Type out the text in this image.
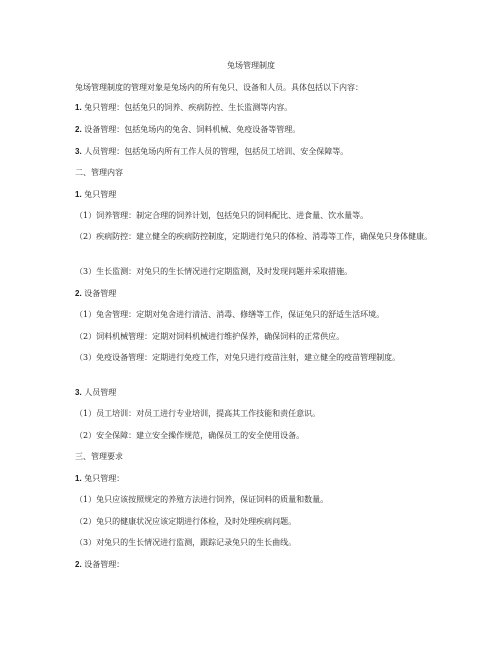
兔场管理制度
兔场管理制度的管理对象是兔场内的所有兔只、设备和人员。具体包括以下内容：
1. 兔只管理：包括兔只的饲养、疾病防控、生长监测等内容。
2. 设备管理：包括兔场内的兔舍、饲料机械、免疫设备等管理。
3. 人员管理：包括兔场内所有工作人员的管理，包括员工培训、安全保障等。
二、管理内容
1. 兔只管理
（1）饲养管理：制定合理的饲养计划，包括兔只的饲料配比、进食量、饮水量等。
（2）疾病防控：建立健全的疾病防控制度，定期进行兔只的体检、消毒等工作，确保兔只身体健康。
（3）生长监测：对兔只的生长情况进行定期监测，及时发现问题并采取措施。
2. 设备管理
（1）兔舍管理：定期对兔舍进行清洁、消毒、修缮等工作，保证兔只的舒适生活环境。
（2）饲料机械管理：定期对饲料机械进行维护保养，确保饲料的正常供应。
（3）免疫设备管理：定期进行免疫工作，对兔只进行疫苗注射，建立健全的疫苗管理制度。
3. 人员管理
（1）员工培训：对员工进行专业培训，提高其工作技能和责任意识。
（2）安全保障：建立安全操作规范，确保员工的安全使用设备。
三、管理要求
1. 兔只管理：
（1）兔只应该按照规定的养殖方法进行饲养，保证饲料的质量和数量。
（2）兔只的健康状况应该定期进行体检，及时处理疾病问题。
（3）对兔只的生长情况进行监测，跟踪记录兔只的生长曲线。
2. 设备管理：
